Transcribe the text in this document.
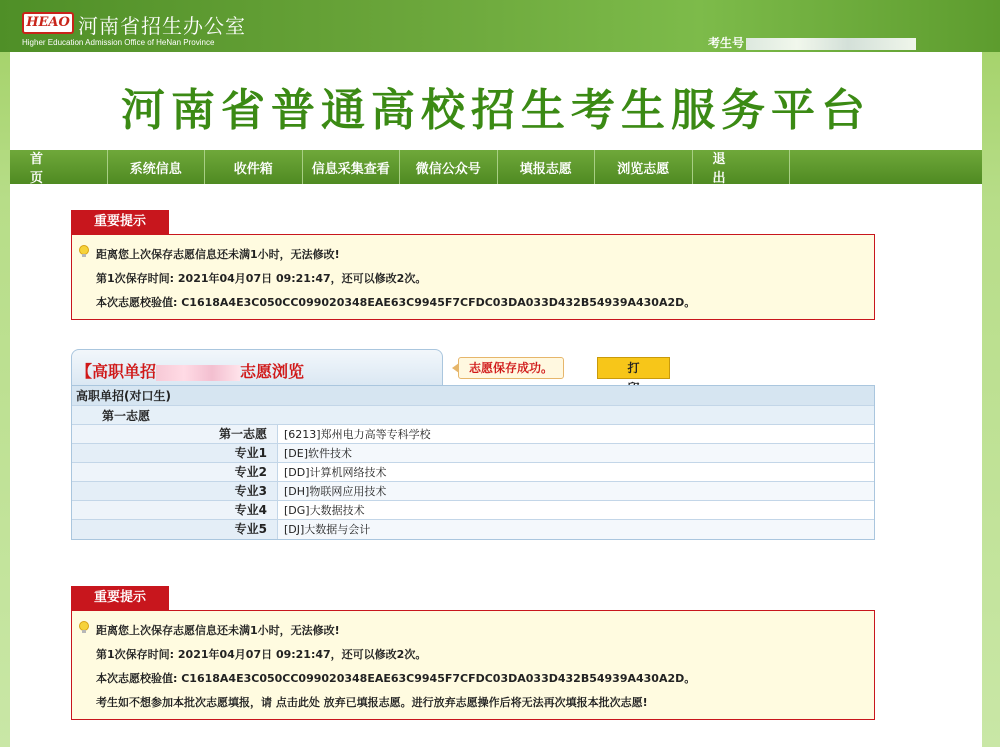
HEAO 河南省招生办公室
Higher Education Admission Office of HeNan Province	考生号
河南省普通高校招生考生服务平台
首 页
系统信息	收件箱	信息采集查看	微信公众号	填报志愿	浏览志愿
退 出
重要提示
距离您上次保存志愿信息还未满1小时，无法修改!
第1次保存时间: 2021年04月07日 09:21:47，还可以修改2次。
本次志愿校验值: C1618A4E3C050CC099020348EAE63C9945F7CFDC03DA033D432B54939A430A2D。
【高职单招	志愿浏览	志愿保存成功。	打
高职单招(对口生)
第一志愿
第一志愿	[6213]郑州电力高等专科学校
专业1	[DE]软件技术
专业2	[DD]计算机网络技术
专业3	[DH]物联网应用技术
专业4	[DG]大数据技术
专业5	[DJ]大数据与会计
重要提示
距离您上次保存志愿信息还未满1小时，无法修改!
第1次保存时间: 2021年04月07日 09:21:47，还可以修改2次。
本次志愿校验值: C1618A4E3C050CC099020348EAE63C9945F7CFDC03DA033D432B54939A430A2D。
考生如不想参加本批次志愿填报，请 点击此处 放弃已填报志愿。进行放弃志愿操作后将无法再次填报本批次志愿!
